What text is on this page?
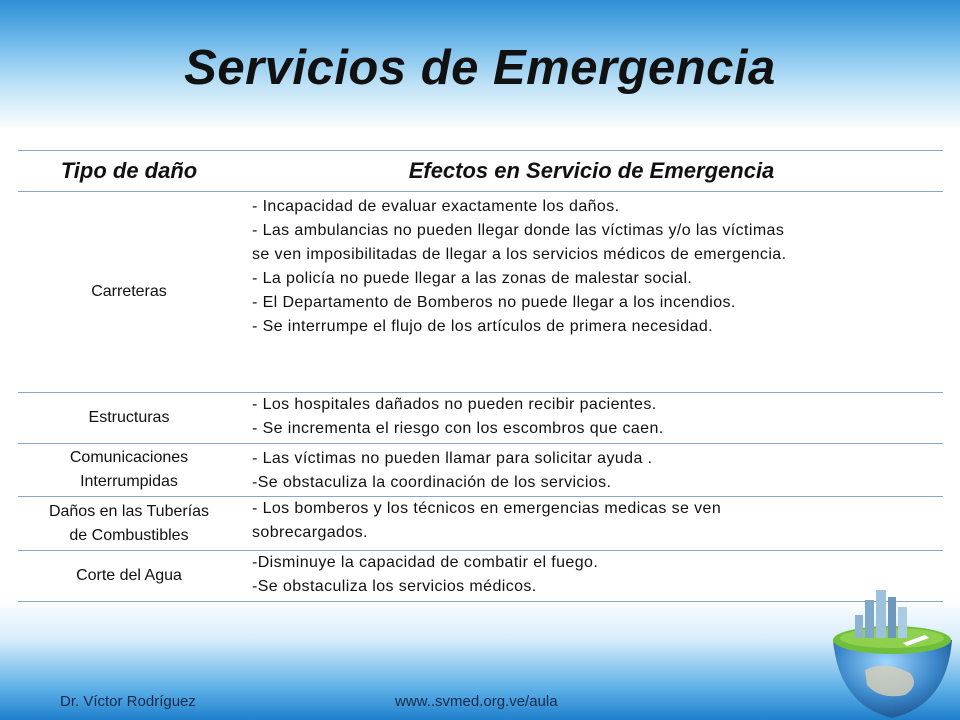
Servicios de Emergencia
Tipo de daño	Efectos en Servicio de Emergencia
Carreteras
- Incapacidad de evaluar exactamente los daños.
- Las ambulancias no pueden llegar donde las víctimas y/o las víctimas
se ven imposibilitadas de llegar a los servicios médicos de emergencia.
- La policía no puede llegar a las zonas de malestar social.
- El Departamento de Bomberos no puede llegar a los incendios.
- Se interrumpe el flujo de los artículos de primera necesidad.
Estructuras
- Los hospitales dañados no pueden recibir pacientes.
- Se incrementa el riesgo con los escombros que caen.
Comunicaciones
Interrumpidas
- Las víctimas no pueden llamar para solicitar ayuda .
-Se obstaculiza la coordinación de los servicios.
Daños en las Tuberías
de Combustibles
- Los bomberos y los técnicos en emergencias medicas se ven
sobrecargados.
Corte del Agua
-Disminuye la capacidad de combatir el fuego.
-Se obstaculiza los servicios médicos.
Dr. Víctor Rodríguez	www..svmed.org.ve/aula
